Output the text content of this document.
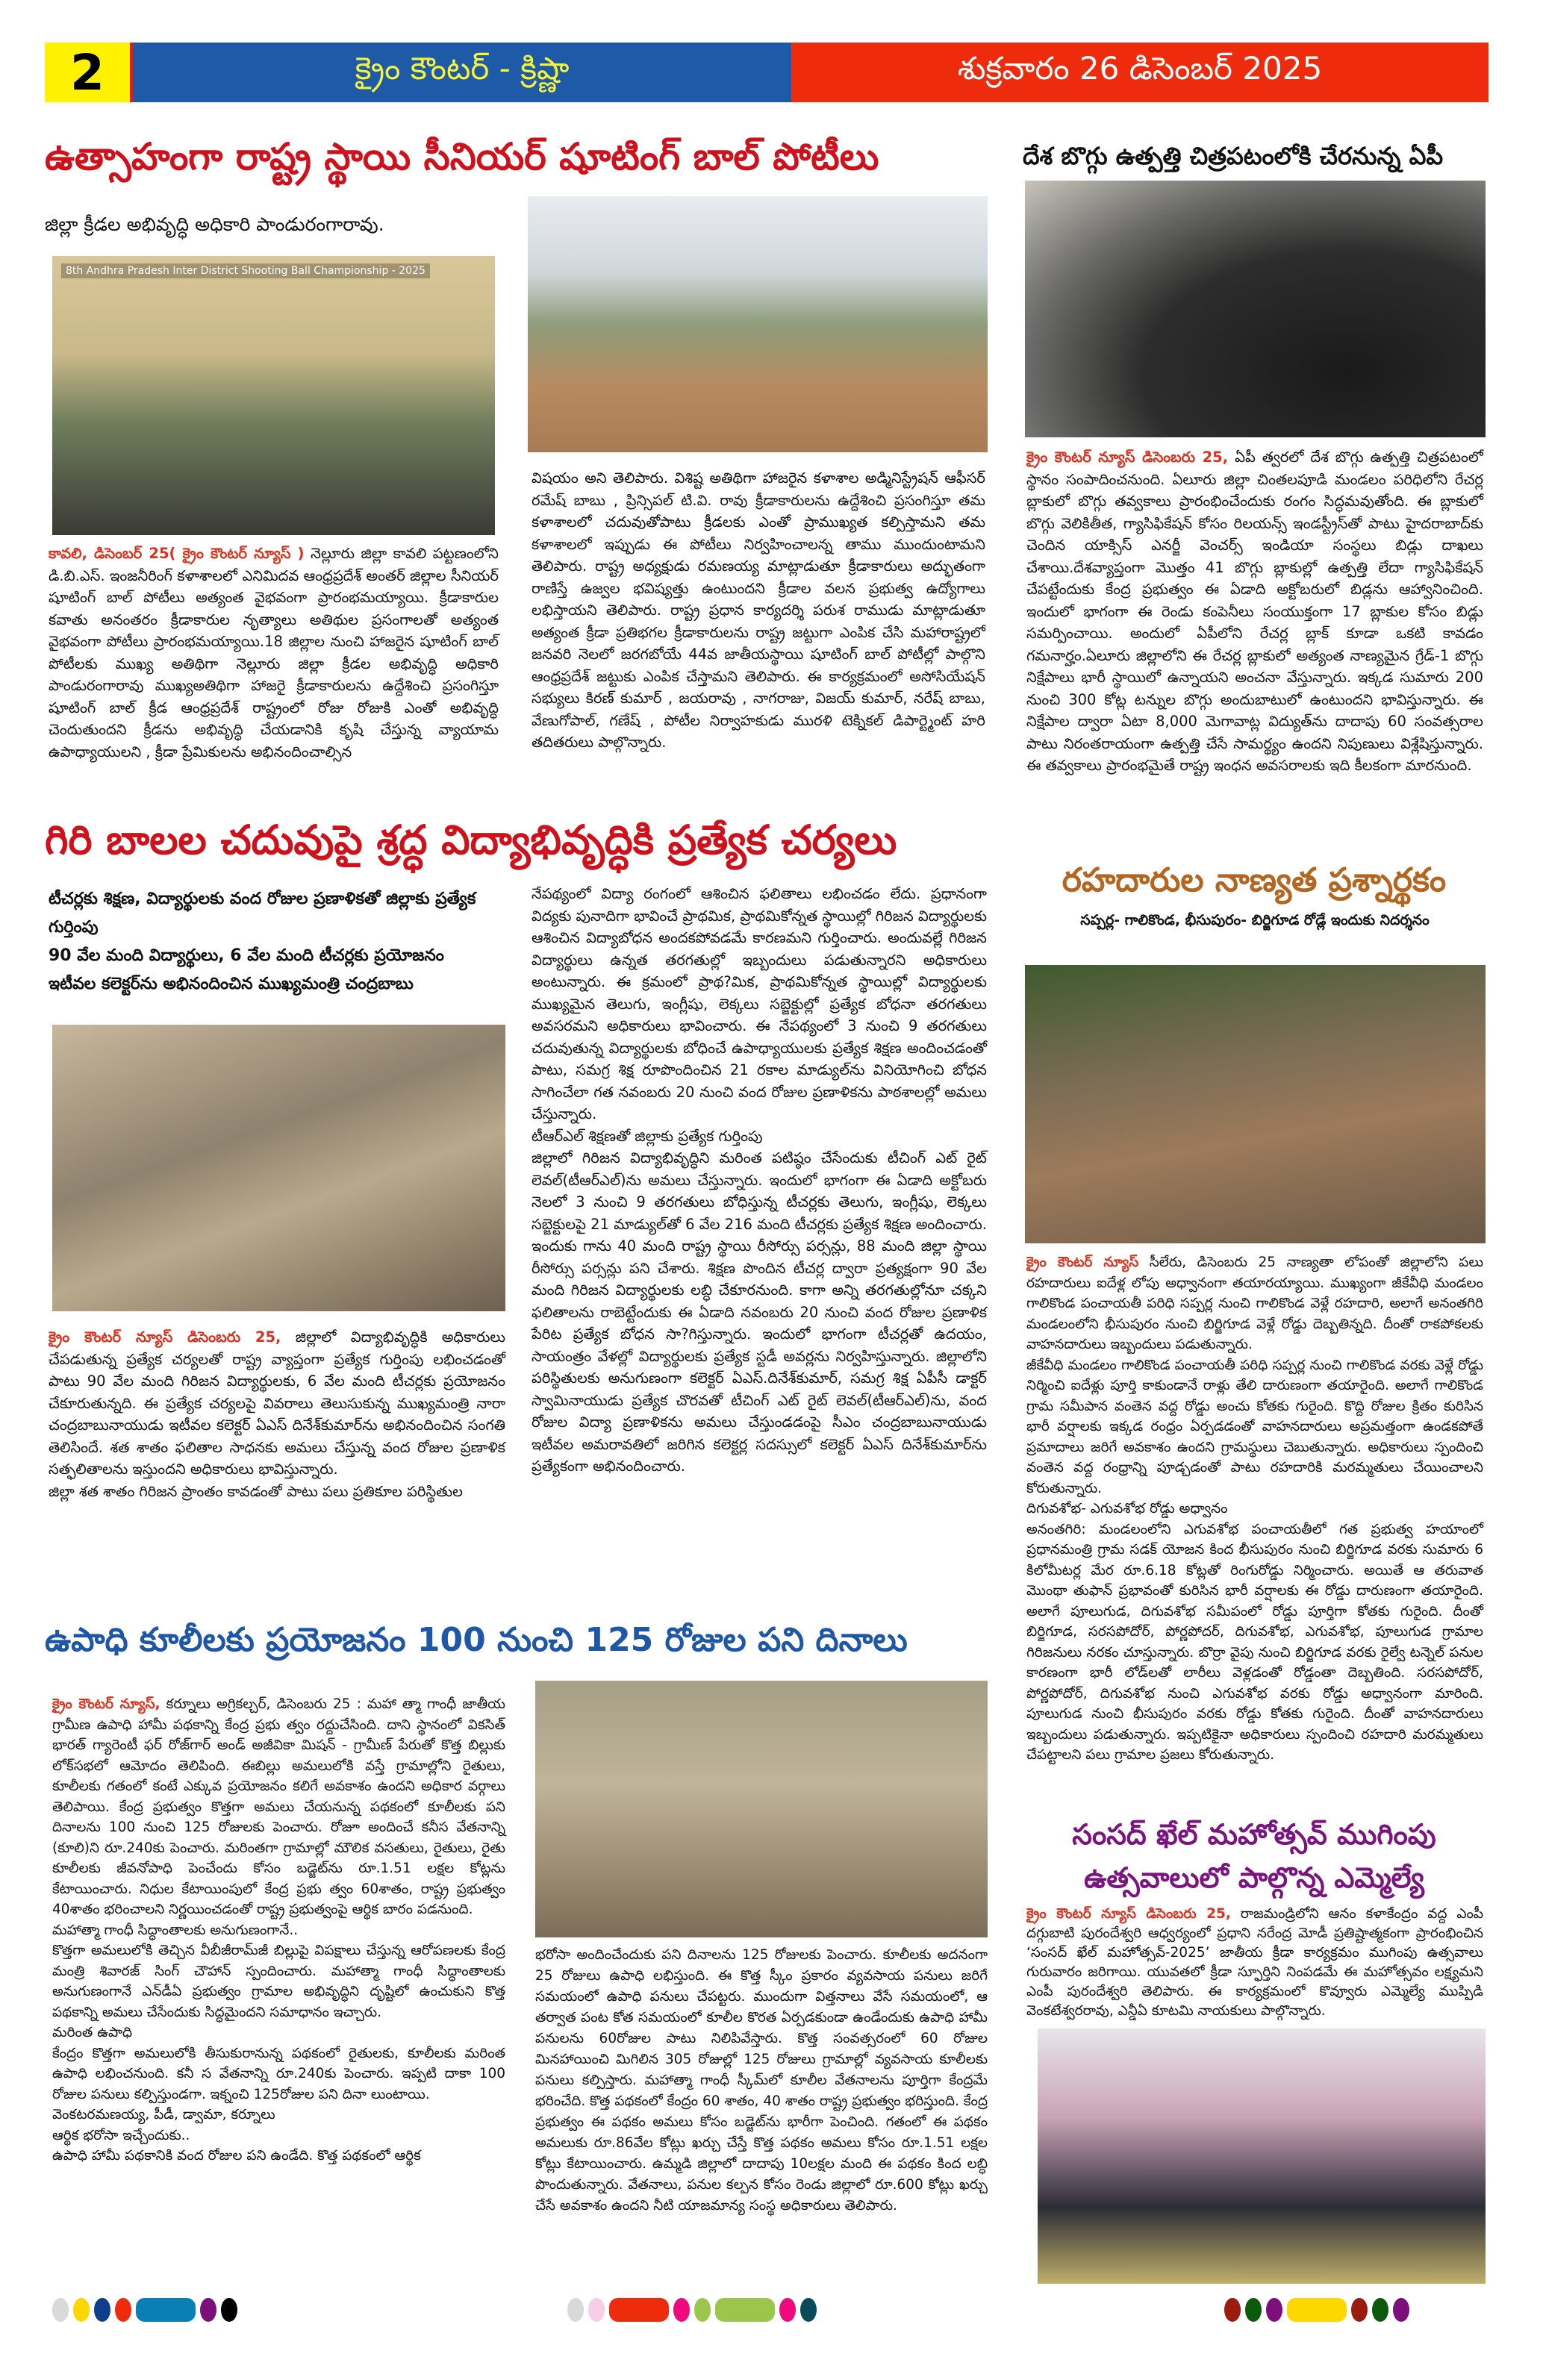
2	క్రైం కౌంటర్ - క్రిష్ణా	శుక్రవారం 26 డిసెంబర్ 2025
ఉత్సాహంగా రాష్ట్ర స్థాయి సీనియర్ షూటింగ్ బాల్ పోటీలు
జిల్లా క్రీడల అభివృద్ధి అధికారి పాండురంగారావు.
8th Andhra Pradesh Inter District Shooting Ball Championship - 2025
కావలి, డిసెంబర్ 25( క్రైం కౌంటర్ న్యూస్ ) నెల్లూరు జిల్లా కావలి పట్టణంలోని డి.బి.ఎస్. ఇంజనీరింగ్ కళాశాలలో ఎనిమిదవ ఆంధ్రప్రదేశ్ అంతర్ జిల్లాల సీనియర్ షూటింగ్ బాల్ పోటీలు అత్యంత వైభవంగా ప్రారంభమయ్యాయి. క్రీడాకారుల కవాతు అనంతరం క్రీడాకారుల నృత్యాలు అతిథుల ప్రసంగాలతో అత్యంత వైభవంగా పోటీలు ప్రారంభమయ్యాయి.18 జిల్లాల నుంచి హాజరైన షూటింగ్ బాల్ పోటీలకు ముఖ్య అతిథిగా నెల్లూరు జిల్లా క్రీడల అభివృద్ధి అధికారి పాండురంగారావు ముఖ్యఅతిథిగా హాజరై క్రీడాకారులను ఉద్దేశించి ప్రసంగిస్తూ షూటింగ్ బాల్ క్రీడ ఆంధ్రప్రదేశ్ రాష్ట్రంలో రోజు రోజుకి ఎంతో అభివృద్ధి చెందుతుందని క్రీడను అభివృద్ధి చేయడానికి కృషి చేస్తున్న వ్యాయామ ఉపాధ్యాయులని , క్రీడా ప్రేమికులను అభినందించాల్సిన
విషయం అని తెలిపారు. విశిష్ట అతిథిగా హాజరైన కళాశాల అడ్మినిస్ట్రేషన్ ఆఫీసర్ రమేష్ బాబు , ప్రిన్సిపల్ టి.వి. రావు క్రీడాకారులను ఉద్దేశించి ప్రసంగిస్తూ తమ కళాశాలలో చదువుతోపాటు క్రీడలకు ఎంతో ప్రాముఖ్యత కల్పిస్తామని తమ కళాశాలలో ఇప్పుడు ఈ పోటీలు నిర్వహించాలన్న తాము ముందుంటామని తెలిపారు. రాష్ట్ర అధ్యక్షుడు రమణయ్య మాట్లాడుతూ క్రీడాకారులు అద్భుతంగా రాణిస్తే ఉజ్వల భవిష్యత్తు ఉంటుందని క్రీడాల వలన ప్రభుత్వ ఉద్యోగాలు లభిస్తాయని తెలిపారు. రాష్ట్ర ప్రధాన కార్యదర్శి పరుశ రాముడు మాట్లాడుతూ అత్యంత క్రీడా ప్రతిభగల క్రీడాకారులను రాష్ట్ర జట్టుగా ఎంపిక చేసి మహారాష్ట్రలో జనవరి నెలలో జరగబోయే 44వ జాతీయస్థాయి షూటింగ్ బాల్ పోటీల్లో పాల్గొని ఆంధ్రప్రదేశ్ జట్టుకు ఎంపిక చేస్తామని తెలిపారు. ఈ కార్యక్రమంలో అసోసియేషన్ సభ్యులు కిరణ్ కుమార్ , జయరావు , నాగరాజు, విజయ్ కుమార్, నరేష్ బాబు, వేణుగోపాల్, గణేష్ , పోటీల నిర్వాహకుడు మురళి టెక్నికల్ డిపార్ట్మెంట్ హరి తదితరులు పాల్గొన్నారు.
దేశ బొగ్గు ఉత్పత్తి చిత్రపటంలోకి చేరనున్న ఏపీ
క్రైం కౌంటర్ న్యూస్ డిసెంబరు 25, ఏపీ త్వరలో దేశ బొగ్గు ఉత్పత్తి చిత్రపటంలో స్థానం సంపాదించనుంది. ఏలూరు జిల్లా చింతలపూడి మండలం పరిధిలోని రేచర్ల బ్లాకులో బొగ్గు తవ్వకాలు ప్రారంభించేందుకు రంగం సిద్ధమవుతోంది. ఈ బ్లాకులో బొగ్గు వెలికితీత, గ్యాసిఫికేషన్ కోసం రిలయన్స్ ఇండస్ట్రీస్‌తో పాటు హైదరాబాద్‌కు చెందిన యాక్సిస్ ఎనర్జీ వెంచర్స్ ఇండియా సంస్థలు బిడ్లు దాఖలు చేశాయి.దేశవ్యాప్తంగా మొత్తం 41 బొగ్గు బ్లాకుల్లో ఉత్పత్తి లేదా గ్యాసిఫికేషన్ చేపట్టేందుకు కేంద్ర ప్రభుత్వం ఈ ఏడాది అక్టోబరులో బిడ్లను ఆహ్వానించింది. ఇందులో భాగంగా ఈ రెండు కంపెనీలు సంయుక్తంగా 17 బ్లాకుల కోసం బిడ్లు సమర్పించాయి. అందులో ఏపీలోని రేచర్ల బ్లాక్ కూడా ఒకటి కావడం గమనార్హం.ఏలూరు జిల్లాలోని ఈ రేచర్ల బ్లాకులో అత్యంత నాణ్యమైన గ్రేడ్-1 బొగ్గు నిక్షేపాలు భారీ స్థాయిలో ఉన్నాయని అంచనా వేస్తున్నారు. ఇక్కడ సుమారు 200 నుంచి 300 కోట్ల టన్నుల బొగ్గు అందుబాటులో ఉంటుందని భావిస్తున్నారు. ఈ నిక్షేపాల ద్వారా ఏటా 8,000 మెగావాట్ల విద్యుత్‌ను దాదాపు 60 సంవత్సరాల పాటు నిరంతరాయంగా ఉత్పత్తి చేసే సామర్థ్యం ఉందని నిపుణులు విశ్లేషిస్తున్నారు. ఈ తవ్వకాలు ప్రారంభమైతే రాష్ట్ర ఇంధన అవసరాలకు ఇది కీలకంగా మారనుంది.
గిరి బాలల చదువుపై శ్రద్ధ విద్యాభివృద్ధికి ప్రత్యేక చర్యలు
టీచర్లకు శిక్షణ, విద్యార్థులకు వంద రోజుల ప్రణాళికతో జిల్లాకు ప్రత్యేక గుర్తింపు
90 వేల మంది విద్యార్థులు, 6 వేల మంది టీచర్లకు ప్రయోజనం
ఇటీవల కలెక్టర్‌ను అభినందించిన ముఖ్యమంత్రి చంద్రబాబు
క్రైం కౌంటర్ న్యూస్ డిసెంబరు 25, జిల్లాలో విద్యాభివృద్ధికి అధికారులు చేపడుతున్న ప్రత్యేక చర్యలతో రాష్ట్ర వ్యాప్తంగా ప్రత్యేక గుర్తింపు లభించడంతో పాటు 90 వేల మంది గిరిజన విద్యార్థులకు, 6 వేల మంది టీచర్లకు ప్రయోజనం చేకూరుతున్నది. ఈ ప్రత్యేక చర్యలపై వివరాలు తెలుసుకున్న ముఖ్యమంత్రి నారా చంద్రబాబునాయుడు ఇటీవల కలెక్టర్ ఏఎస్ దినేశ్‌కుమార్‌ను అభినందించిన సంగతి తెలిసిందే. శత శాతం ఫలితాల సాధనకు అమలు చేస్తున్న వంద రోజుల ప్రణాళిక సత్ఫలితాలను ఇస్తుందని అధికారులు భావిస్తున్నారు.

జిల్లా శత శాతం గిరిజన ప్రాంతం కావడంతో పాటు పలు ప్రతికూల పరిస్థితుల

నేపథ్యంలో విద్యా రంగంలో ఆశించిన ఫలితాలు లభించడం లేదు. ప్రధానంగా విద్యకు పునాదిగా భావించే ప్రాథమిక, ప్రాథమికోన్నత స్థాయిల్లో గిరిజన విద్యార్థులకు ఆశించిన విద్యాబోధన అందకపోవడమే కారణమని గుర్తించారు. అందువల్లే గిరిజన విద్యార్థులు ఉన్నత తరగతుల్లో ఇబ్బందులు పడుతున్నారని అధికారులు అంటున్నారు. ఈ క్రమంలో ప్రాథ?మిక, ప్రాథమికోన్నత స్థాయిల్లో విద్యార్థులకు ముఖ్యమైన తెలుగు, ఇంగ్లీషు, లెక్కలు సబ్జెక్టుల్లో ప్రత్యేక బోధనా తరగతులు అవసరమని అధికారులు భావించారు. ఈ నేపథ్యంలో 3 నుంచి 9 తరగతులు చదువుతున్న విద్యార్థులకు బోధించే ఉపాధ్యాయులకు ప్రత్యేక శిక్షణ అందించడంతో పాటు, సమగ్ర శిక్ష రూపొందించిన 21 రకాల మాడ్యుల్‌ను వినియోగించి బోధన సాగించేలా గత నవంబరు 20 నుంచి వంద రోజుల ప్రణాళికను పాఠశాలల్లో అమలు చేస్తున్నారు.

టీఆర్ఎల్ శిక్షణతో జిల్లాకు ప్రత్యేక గుర్తింపు

జిల్లాలో గిరిజన విద్యాభివృద్ధిని మరింత పటిష్ఠం చేసేందుకు టీచింగ్ ఎట్ రైట్ లెవల్(టీఆర్ఎల్)ను అమలు చేస్తున్నారు. ఇందులో భాగంగా ఈ ఏడాది అక్టోబరు నెలలో 3 నుంచి 9 తరగతులు బోధిస్తున్న టీచర్లకు తెలుగు, ఇంగ్లీషు, లెక్కలు సబ్జెక్టులపై 21 మాడ్యుల్‌తో 6 వేల 216 మంది టీచర్లకు ప్రత్యేక శిక్షణ అందించారు. ఇందుకు గాను 40 మంది రాష్ట్ర స్థాయి రీసోర్సు పర్సన్లు, 88 మంది జిల్లా స్థాయి రీసోర్సు పర్సన్లు పని చేశారు. శిక్షణ పొందిన టీచర్ల ద్వారా ప్రత్యక్షంగా 90 వేల మంది గిరిజన విద్యార్థులకు లబ్ధి చేకూరనుంది. కాగా అన్ని తరగతుల్లోనూ చక్కని ఫలితాలను రాబెట్టేందుకు ఈ ఏడాది నవంబరు 20 నుంచి వంద రోజుల ప్రణాళిక పేరిట ప్రత్యేక బోధన సా?గిస్తున్నారు. ఇందులో భాగంగా టీచర్లతో ఉదయం, సాయంత్రం వేళల్లో విద్యార్థులకు ప్రత్యేక స్టడీ అవర్లను నిర్వహిస్తున్నారు. జిల్లాలోని పరిస్థితులకు అనుగుణంగా కలెక్టర్ ఏఎస్.దినేశ్‌కుమార్, సమగ్ర శిక్ష ఏపీసీ డాక్టర్ స్వామినాయుడు ప్రత్యేక చొరవతో టీచింగ్ ఎట్ రైట్ లెవల్(టీఆర్ఎల్)ను, వంద రోజుల విద్యా ప్రణాళికను అమలు చేస్తుండడంపై సీఎం చంద్రబాబునాయుడు ఇటీవల అమరావతిలో జరిగిన కలెక్టర్ల సదస్సులో కలెక్టర్ ఏఎస్ దినేశ్‌కుమార్‌ను ప్రత్యేకంగా అభినందించారు.

రహదారుల నాణ్యత ప్రశ్నార్థకం
సప్పర్ల- గాలికొండ, భీసుపురం- బిర్జిగూడ రోడ్లే ఇందుకు నిదర్శనం

క్రైం కౌంటర్ న్యూస్ సీలేరు, డిసెంబరు 25 నాణ్యతా లోపంతో జిల్లాలోని పలు రహదారులు ఐదేళ్ల లోపు అధ్వానంగా తయారయ్యాయి. ముఖ్యంగా జీకేవీధి మండలం గాలికొండ పంచాయతీ పరిధి సప్పర్ల నుంచి గాలికొండ వెళ్లే రహదారి, అలాగే అనంతగిరి మండలంలోని భీసుపురం నుంచి బిర్జిగూడ వెళ్లే రోడ్డు దెబ్బతిన్నది. దీంతో రాకపోకలకు వాహనదారులు ఇబ్బందులు పడుతున్నారు.

జీకేవీధి మండలం గాలికొండ పంచాయతీ పరిధి సప్పర్ల నుంచి గాలికొండ వరకు వెళ్లే రోడ్డు నిర్మించి ఐదేళ్లు పూర్తి కాకుండానే రాళ్లు తేలి దారుణంగా తయారైంది. అలాగే గాలికొండ గ్రామ సమీపాన వంతెన వద్ద రోడ్డు అంచు కోతకు గురైంది. కొద్ది రోజుల క్రితం కురిసిన భారీ వర్షాలకు ఇక్కడ రంధ్రం ఏర్పడడంతో వాహనదారులు అప్రమత్తంగా ఉండకపోతే ప్రమాదాలు జరిగే అవకాశం ఉందని గ్రామస్థులు చెబుతున్నారు. అధికారులు స్పందించి వంతెన వద్ద రంధ్రాన్ని పూడ్చడంతో పాటు రహదారికి మరమ్మతులు చేయించాలని కోరుతున్నారు.

దిగువశోభ- ఎగువశోభ రోడ్డు అధ్వానం

అనంతగిరి: మండలంలోని ఎగువశోభ పంచాయతీలో గత ప్రభుత్వ హయాంలో ప్రధానమంత్రి గ్రామ సడక్ యోజన కింద భీసుపురం నుంచి బిర్జిగూడ వరకు సుమారు 6 కిలోమీటర్ల మేర రూ.6.18 కోట్లతో రింగురోడ్డు నిర్మించారు. అయితే ఆ తరువాత మొంథా తుఫాన్ ప్రభావంతో కురిసిన భారీ వర్షాలకు ఈ రోడ్డు దారుణంగా తయారైంది. అలాగే పూలుగుడ, దిగువశోభ సమీపంలో రోడ్డు పూర్తిగా కోతకు గురైంది. దీంతో బిర్జిగూడ, సరసపోదోర్, పోర్ణపోదర్, దిగువశోభ, ఎగువశోభ, పూలుగుడ గ్రామాల గిరిజనులు నరకం చూస్తున్నారు. బొర్రా వైపు నుంచి బిర్జిగూడ వరకు రైల్వే టన్నెల్ పనుల కారణంగా భారీ లోడ్‌లతో లారీలు వెళ్లడంతో రోడ్డంతా దెబ్బతింది. సరసపోదోర్, పోర్ణపోదోర్, దిగువశోభ నుంచి ఎగువశోభ వరకు రోడ్డు అధ్వానంగా మారింది. పూలుగుడ నుంచి భీసుపురం వరకు రోడ్డు కోతకు గురైంది. దీంతో వాహనదారులు ఇబ్బందులు పడుతున్నారు. ఇప్పటికైనా అధికారులు స్పందించి రహదారి మరమ్మతులు చేపట్టాలని పలు గ్రామాల ప్రజలు కోరుతున్నారు.

సంసద్ ఖేల్ మహోత్సవ్ ముగింపు
ఉత్సవాలులో పాల్గొన్న ఎమ్మెల్యే
క్రైం కౌంటర్ న్యూస్ డిసెంబరు 25, రాజమండ్రిలోని ఆనం కళాకేంద్రం వద్ద ఎంపీ దగ్గుబాటి పురందేశ్వరి ఆధ్వర్యంలో ప్రధాని నరేంద్ర మోడీ ప్రతిష్టాత్మకంగా ప్రారంభించిన ‘సంసద్ ఖేల్ మహోత్సవ్-2025’ జాతీయ క్రీడా కార్యక్రమం ముగింపు ఉత్సవాలు గురువారం జరిగాయి. యువతలో క్రీడా స్ఫూర్తిని నింపడమే ఈ మహోత్సవం లక్ష్యమని ఎంపీ పురందేశ్వరి తెలిపారు. ఈ కార్యక్రమంలో కొవ్వూరు ఎమ్మెల్యే ముప్పిడి వెంకటేశ్వరరావు, ఎన్డీఏ కూటమి నాయకులు పాల్గొన్నారు.
ఉపాధి కూలీలకు ప్రయోజనం 100 నుంచి 125 రోజుల పని దినాలు

క్రైం కౌంటర్ న్యూస్, కర్నూలు అగ్రికల్చర్, డిసెంబరు 25 : మహా త్మా గాంధీ జాతీయ గ్రామీణ ఉపాధి హామీ పథకాన్ని కేంద్ర ప్రభు త్వం రద్దుచేసింది. దాని స్థానంలో వికసిత్ భారత్ గ్యారెంటీ ఫర్ రోజ్‌గార్ అండ్ అజీవికా మిషన్ - గ్రామీణ్ పేరుతో కొత్త బిల్లుకు లోక్‌సభలో ఆమోదం తెలిపింది. ఈబిల్లు అమలులోకి వస్తే గ్రామాల్లోని రైతులు, కూలీలకు గతంలో కంటే ఎక్కువ ప్రయోజనం కలిగే అవకాశం ఉందని అధికార వర్గాలు తెలిపాయి. కేంద్ర ప్రభుత్వం కొత్తగా అమలు చేయనున్న పథకంలో కూలీలకు పని దినాలను 100 నుంచి 125 రోజులకు పెంచారు. రోజూ అందించే కనీస వేతనాన్ని (కూలి)ని రూ.240కు పెంచారు. మరింతగా గ్రామాల్లో మౌలిక వసతులు, రైతులు, రైతు కూలీలకు జీవనోపాధి పెంచేందు కోసం బడ్జెట్‌ను రూ.1.51 లక్షల కోట్లను కేటాయించారు. నిధుల కేటాయింపులో కేంద్ర ప్రభు త్వం 60శాతం, రాష్ట్ర ప్రభుత్వం 40శాతం భరించాలని నిర్ణయించడంతో రాష్ట్ర ప్రభుత్వంపై ఆర్థిక బారం పడనుంది.

మహాత్మా గాంధీ సిద్ధాంతాలకు అనుగుణంగానే..

కొత్తగా అమలులోకి తెచ్చిన వీబీజీరామ్‌జీ బిల్లుపై విపక్షాలు చేస్తున్న ఆరోపణలకు కేంద్ర మంత్రి శివారజ్ సింగ్ చౌహాన్ స్పందించారు. మహాత్మా గాంధీ సిద్ధాంతాలకు అనుగుణంగానే ఎన్‌డీఏ ప్రభుత్వం గ్రామాల అభివృద్ధిని దృష్టిలో ఉంచుకుని కొత్త పథకాన్ని అమలు చేసేందుకు సిద్ధమైందని సమాధానం ఇచ్చారు.

మరింత ఉపాధి

కేంద్రం కొత్తగా అమలులోకి తీసుకురానున్న పథకంలో రైతులకు, కూలీలకు మరింత ఉపాధి లభించనుంది. కనీ స వేతనాన్ని రూ.240కు పెంచారు. ఇప్పటి దాకా 100 రోజుల పనులు కల్పిస్తుండగా. ఇక్నంచి 125రోజుల పని దినా లుంటాయి.

వెంకటరమణయ్య, పీడీ, డ్వామా, కర్నూలు

ఆర్థిక భరోసా ఇచ్చేందుకు..

ఉపాధి హామీ పథకానికి వంద రోజుల పని ఉండేది. కొత్త పథకంలో ఆర్థిక

భరోసా అందించేందుకు పని దినాలను 125 రోజులకు పెంచారు. కూలీలకు అదనంగా 25 రోజులు ఉపాధి లభిస్తుంది. ఈ కొత్త స్కీం ప్రకారం వ్యవసాయ పనులు జరిగే సమయంలో ఉపాధి పనులు చేపట్టరు. ముందుగా విత్తనాలు వేసే సమయంలో, ఆ తర్వాత పంట కోత సమయంలో కూలీల కొరత ఏర్పడకుండా ఉండేందుకు ఉపాధి హామీ పనులను 60రోజుల పాటు నిలిపివేస్తారు. కొత్త సంవత్సరంలో 60 రోజుల మినహాయించి మిగిలిన 305 రోజుల్లో 125 రోజులు గ్రామాల్లో వ్యవసాయ కూలీలకు పనులు కల్పిస్తారు. మహాత్మా గాంధీ స్కీమ్‌లో కూలీల వేతనాలను పూర్తిగా కేంద్రమే భరించేది. కొత్త పథకంలో కేంద్రం 60 శాతం, 40 శాతం రాష్ట్ర ప్రభుత్వం భరిస్తుంది. కేంద్ర ప్రభుత్వం ఈ పథకం అమలు కోసం బడ్జెట్‌ను భారీగా పెంచింది. గతంలో ఈ పథకం అమలుకు రూ.86వేల కోట్లు ఖర్చు చేస్తే కొత్త పథకం అమలు కోసం రూ.1.51 లక్షల కోట్లు కేటాయించారు. ఉమ్మడి జిల్లాలో దాదాపు 10లక్షల మంది ఈ పథకం కింద లబ్ధి పొందుతున్నారు. వేతనాలు, పనుల కల్పన కోసం రెండు జిల్లాలో రూ.600 కోట్లు ఖర్చు చేసే అవకాశం ఉందని నీటి యాజమాన్య సంస్థ అధికారులు తెలిపారు.
